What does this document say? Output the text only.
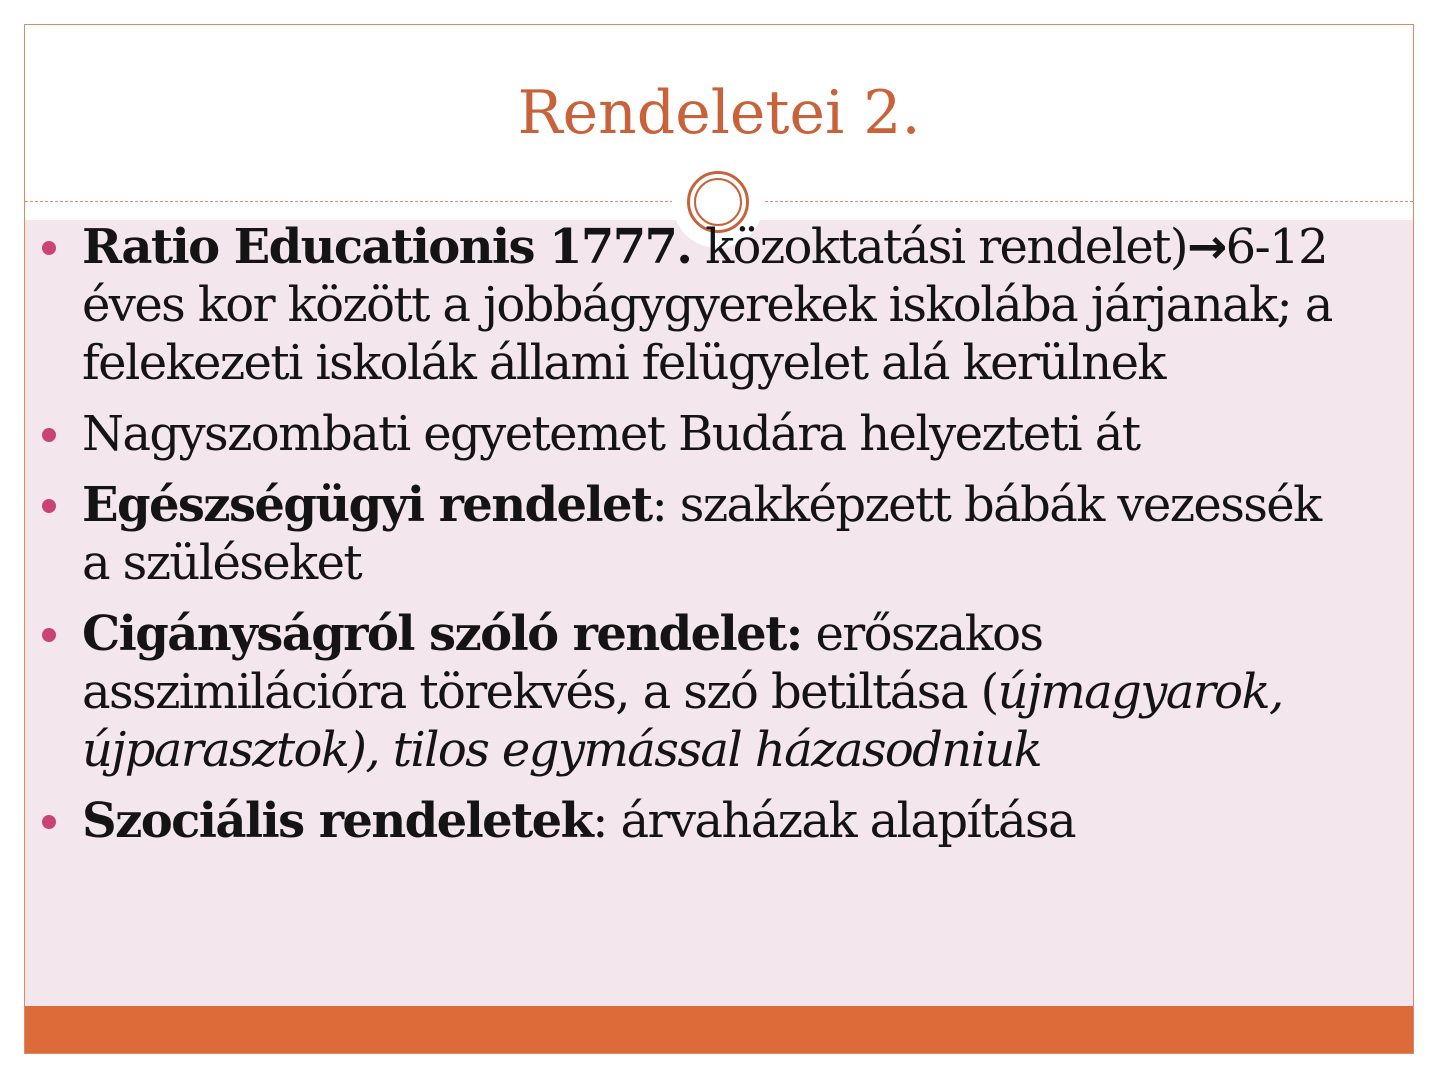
Rendeletei 2.
Ratio Educationis 1777. közoktatási rendelet)→6-12 éves kor között a jobbágygyerekek iskolába járjanak; a felekezeti iskolák állami felügyelet alá kerülnek
Nagyszombati egyetemet Budára helyezteti át
Egészségügyi rendelet: szakképzett bábák vezessék a szüléseket
Cigányságról szóló rendelet: erőszakos asszimilációra törekvés, a szó betiltása (újmagyarok, újparasztok), tilos egymással házasodniuk
Szociális rendeletek: árvaházak alapítása
